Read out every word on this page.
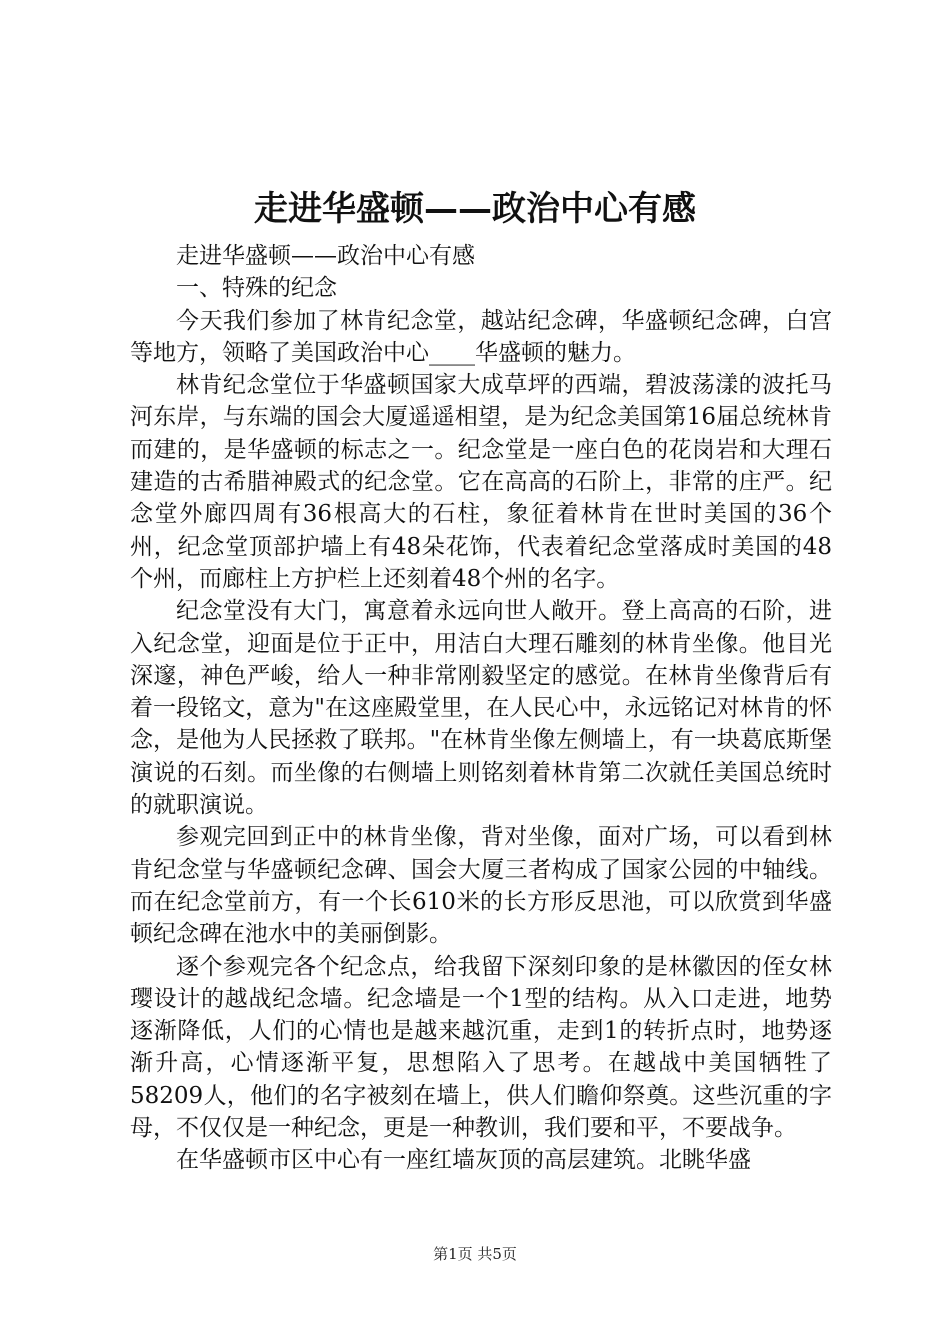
走进华盛顿——政治中心有感

走进华盛顿——政治中心有感

一、特殊的纪念

今天我们参加了林肯纪念堂，越站纪念碑，华盛顿纪念碑，白宫等地方，领略了美国政治中心____华盛顿的魅力。

林肯纪念堂位于华盛顿国家大成草坪的西端，碧波荡漾的波托马河东岸，与东端的国会大厦遥遥相望，是为纪念美国第16届总统林肯而建的，是华盛顿的标志之一。纪念堂是一座白色的花岗岩和大理石建造的古希腊神殿式的纪念堂。它在高高的石阶上，非常的庄严。纪念堂外廊四周有36根高大的石柱，象征着林肯在世时美国的36个州，纪念堂顶部护墙上有48朵花饰，代表着纪念堂落成时美国的48个州，而廊柱上方护栏上还刻着48个州的名字。

纪念堂没有大门，寓意着永远向世人敞开。登上高高的石阶，进入纪念堂，迎面是位于正中，用洁白大理石雕刻的林肯坐像。他目光深邃，神色严峻，给人一种非常刚毅坚定的感觉。在林肯坐像背后有着一段铭文，意为"在这座殿堂里，在人民心中，永远铭记对林肯的怀念，是他为人民拯救了联邦。"在林肯坐像左侧墙上，有一块葛底斯堡演说的石刻。而坐像的右侧墙上则铭刻着林肯第二次就任美国总统时的就职演说。

参观完回到正中的林肯坐像，背对坐像，面对广场，可以看到林肯纪念堂与华盛顿纪念碑、国会大厦三者构成了国家公园的中轴线。而在纪念堂前方，有一个长610米的长方形反思池，可以欣赏到华盛顿纪念碑在池水中的美丽倒影。

逐个参观完各个纪念点，给我留下深刻印象的是林徽因的侄女林璎设计的越战纪念墙。纪念墙是一个1型的结构。从入口走进，地势逐渐降低，人们的心情也是越来越沉重，走到1的转折点时，地势逐渐升高，心情逐渐平复，思想陷入了思考。在越战中美国牺牲了58209人，他们的名字被刻在墙上，供人们瞻仰祭奠。这些沉重的字母，不仅仅是一种纪念，更是一种教训，我们要和平，不要战争。

在华盛顿市区中心有一座红墙灰顶的高层建筑。北眺华盛

第1页 共5页
